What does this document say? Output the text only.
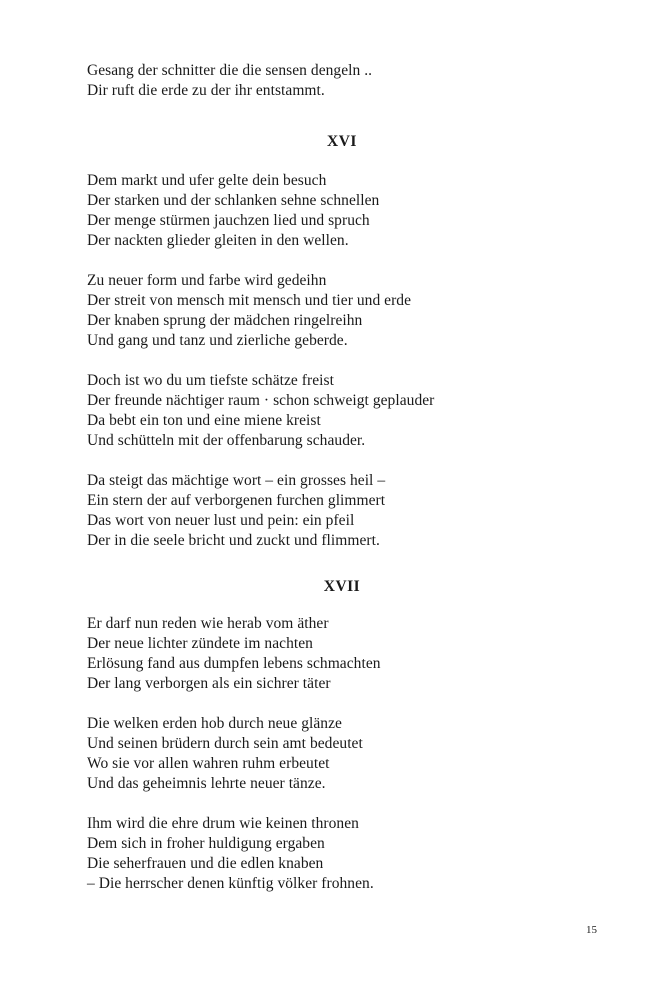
Gesang der schnitter die die sensen dengeln ..
Dir ruft die erde zu der ihr entstammt.
XVI
Dem markt und ufer gelte dein besuch
Der starken und der schlanken sehne schnellen
Der menge stürmen jauchzen lied und spruch
Der nackten glieder gleiten in den wellen.
Zu neuer form und farbe wird gedeihn
Der streit von mensch mit mensch und tier und erde
Der knaben sprung der mädchen ringelreihn
Und gang und tanz und zierliche geberde.
Doch ist wo du um tiefste schätze freist
Der freunde nächtiger raum · schon schweigt geplauder
Da bebt ein ton und eine miene kreist
Und schütteln mit der offenbarung schauder.
Da steigt das mächtige wort – ein grosses heil –
Ein stern der auf verborgenen furchen glimmert
Das wort von neuer lust und pein: ein pfeil
Der in die seele bricht und zuckt und flimmert.
XVII
Er darf nun reden wie herab vom äther
Der neue lichter zündete im nachten
Erlösung fand aus dumpfen lebens schmachten
Der lang verborgen als ein sichrer täter
Die welken erden hob durch neue glänze
Und seinen brüdern durch sein amt bedeutet
Wo sie vor allen wahren ruhm erbeutet
Und das geheimnis lehrte neuer tänze.
Ihm wird die ehre drum wie keinen thronen
Dem sich in froher huldigung ergaben
Die seherfrauen und die edlen knaben
– Die herrscher denen künftig völker frohnen.
15
